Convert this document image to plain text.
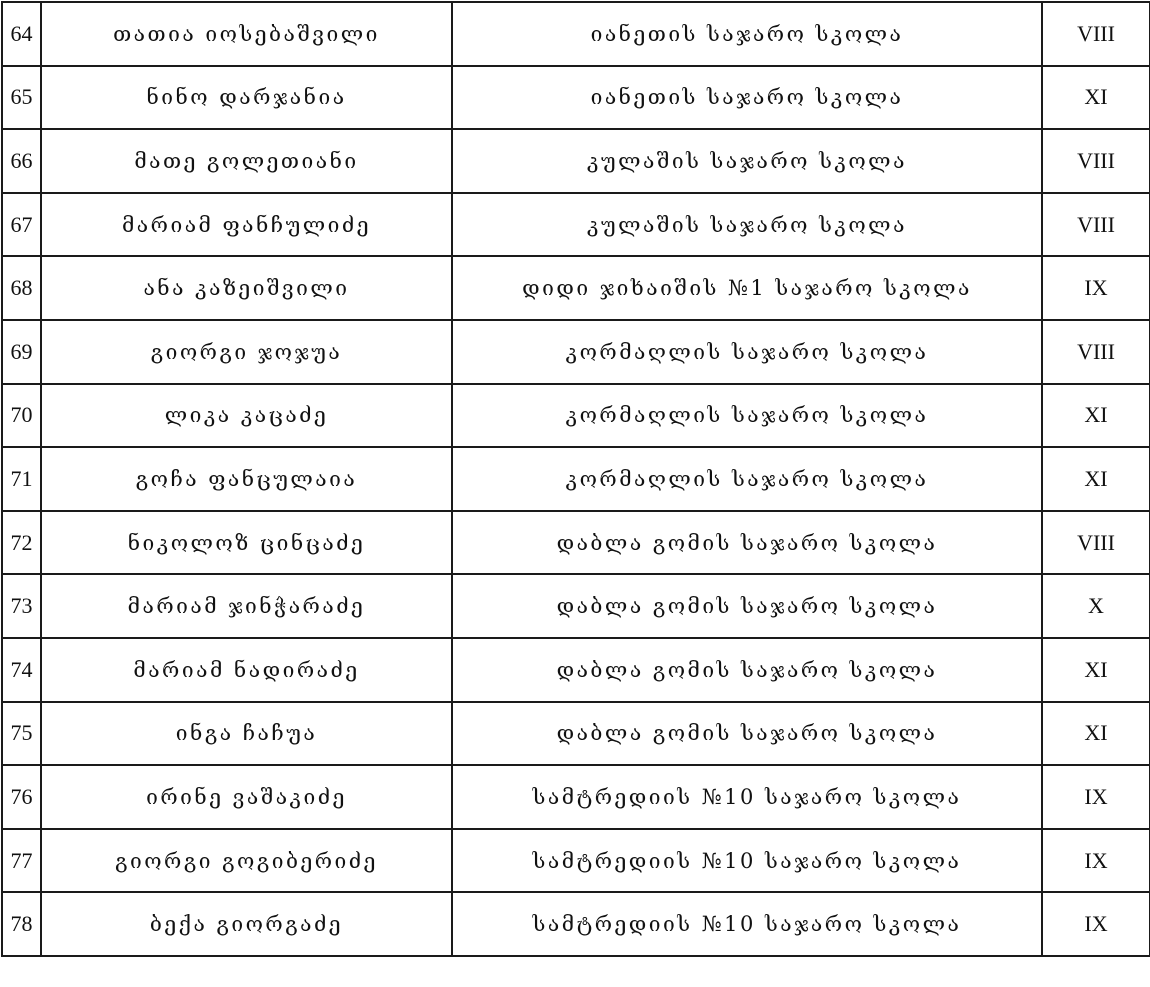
64	თათია იოსებაშვილი	იანეთის საჯარო სკოლა	VIII
65	ნინო დარჯანია	იანეთის საჯარო სკოლა	XI
66	მათე გოლეთიანი	კულაშის საჯარო სკოლა	VIII
67	მარიამ ფანჩულიძე	კულაშის საჯარო სკოლა	VIII
68	ანა კაზეიშვილი	დიდი ჯიხაიშის №1 საჯარო სკოლა	IX
69	გიორგი ჯოჯუა	კორმაღლის საჯარო სკოლა	VIII
70	ლიკა კაცაძე	კორმაღლის საჯარო სკოლა	XI
71	გოჩა ფანცულაია	კორმაღლის საჯარო სკოლა	XI
72	ნიკოლოზ ცინცაძე	დაბლა გომის საჯარო სკოლა	VIII
73	მარიამ ჯინჭარაძე	დაბლა გომის საჯარო სკოლა	X
74	მარიამ ნადირაძე	დაბლა გომის საჯარო სკოლა	XI
75	ინგა ჩაჩუა	დაბლა გომის საჯარო სკოლა	XI
76	ირინე ვაშაკიძე	სამტრედიის №10 საჯარო სკოლა	IX
77	გიორგი გოგიბერიძე	სამტრედიის №10 საჯარო სკოლა	IX
78	ბექა გიორგაძე	სამტრედიის №10 საჯარო სკოლა	IX
